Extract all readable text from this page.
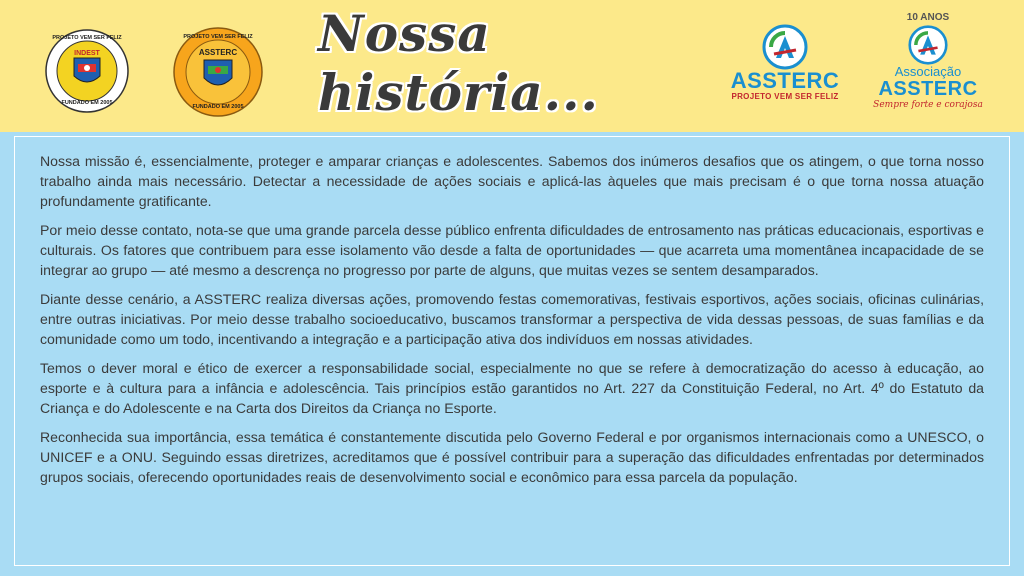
INDEST
PROJETO VEM SER FELIZ
FUNDADO EM 2005
ASSTERC
PROJETO VEM SER FELIZ
FUNDADO EM 2005
Nossa história...	ASSTERC
PROJETO VEM SER FELIZ
10 ANOS
Associação
ASSTERC
Sempre forte e corajosa

Nossa missão é, essencialmente, proteger e amparar crianças e adolescentes. Sabemos dos inúmeros desafios que os atingem, o que torna nosso trabalho ainda mais necessário. Detectar a necessidade de ações sociais e aplicá-las àqueles que mais precisam é o que torna nossa atuação profundamente gratificante.

Por meio desse contato, nota-se que uma grande parcela desse público enfrenta dificuldades de entrosamento nas práticas educacionais, esportivas e culturais. Os fatores que contribuem para esse isolamento vão desde a falta de oportunidades — que acarreta uma momentânea incapacidade de se integrar ao grupo — até mesmo a descrença no progresso por parte de alguns, que muitas vezes se sentem desamparados.

Diante desse cenário, a ASSTERC realiza diversas ações, promovendo festas comemorativas, festivais esportivos, ações sociais, oficinas culinárias, entre outras iniciativas. Por meio desse trabalho socioeducativo, buscamos transformar a perspectiva de vida dessas pessoas, de suas famílias e da comunidade como um todo, incentivando a integração e a participação ativa dos indivíduos em nossas atividades.

Temos o dever moral e ético de exercer a responsabilidade social, especialmente no que se refere à democratização do acesso à educação, ao esporte e à cultura para a infância e adolescência. Tais princípios estão garantidos no Art. 227 da Constituição Federal, no Art. 4º do Estatuto da Criança e do Adolescente e na Carta dos Direitos da Criança no Esporte.

Reconhecida sua importância, essa temática é constantemente discutida pelo Governo Federal e por organismos internacionais como a UNESCO, o UNICEF e a ONU. Seguindo essas diretrizes, acreditamos que é possível contribuir para a superação das dificuldades enfrentadas por determinados grupos sociais, oferecendo oportunidades reais de desenvolvimento social e econômico para essa parcela da população.
